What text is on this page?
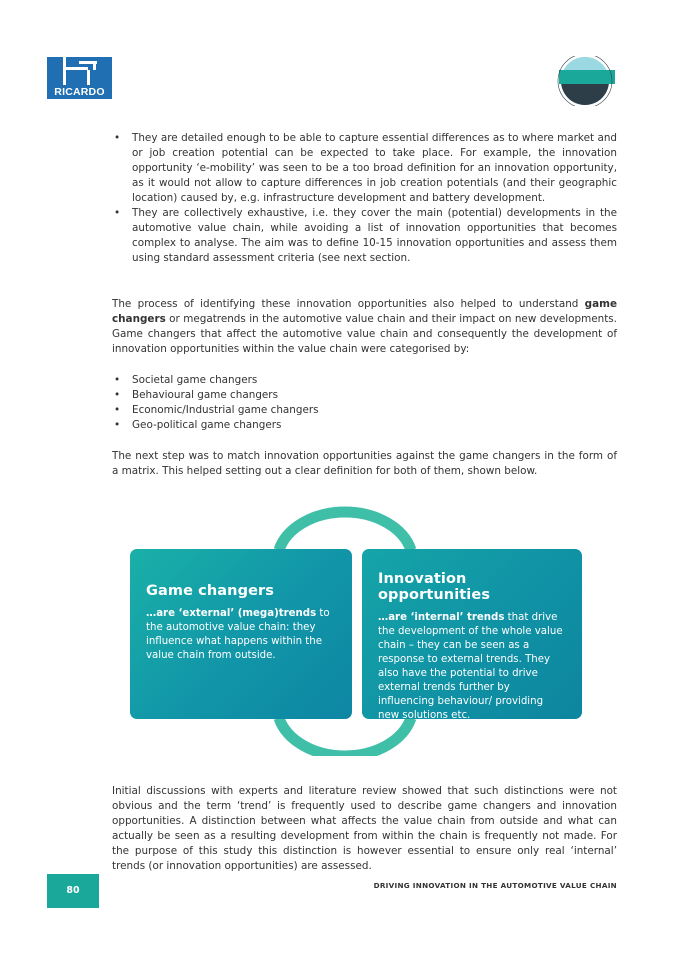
RICARDO
• They are detailed enough to be able to capture essential differences as to where market and or job creation potential can be expected to take place. For example, the innovation opportunity ‘e-mobility’ was seen to be a too broad definition for an innovation opportunity, as it would not allow to capture differences in job creation potentials (and their geographic location) caused by, e.g. infrastructure development and battery development.
• They are collectively exhaustive, i.e. they cover the main (potential) developments in the automotive value chain, while avoiding a list of innovation opportunities that becomes complex to analyse. The aim was to define 10-15 innovation opportunities and assess them using standard assessment criteria (see next section.

The process of identifying these innovation opportunities also helped to understand game changers or megatrends in the automotive value chain and their impact on new developments. Game changers that affect the automotive value chain and consequently the development of innovation opportunities within the value chain were categorised by:

• Societal game changers
• Behavioural game changers
• Economic/Industrial game changers
• Geo-political game changers

The next step was to match innovation opportunities against the game changers in the form of a matrix. This helped setting out a clear definition for both of them, shown below.

Game changers

…are ‘external’ (mega)trends to the automotive value chain: they influence what happens within the value chain from outside.

Innovation opportunities

…are ‘internal’ trends that drive the development of the whole value chain – they can be seen as a response to external trends. They also have the potential to drive external trends further by influencing behaviour/ providing new solutions etc.

Initial discussions with experts and literature review showed that such distinctions were not obvious and the term ‘trend’ is frequently used to describe game changers and innovation opportunities. A distinction between what affects the value chain from outside and what can actually be seen as a resulting development from within the chain is frequently not made. For the purpose of this study this distinction is however essential to ensure only real ‘internal’ trends (or innovation opportunities) are assessed.

80	DRIVING INNOVATION IN THE AUTOMOTIVE VALUE CHAIN
